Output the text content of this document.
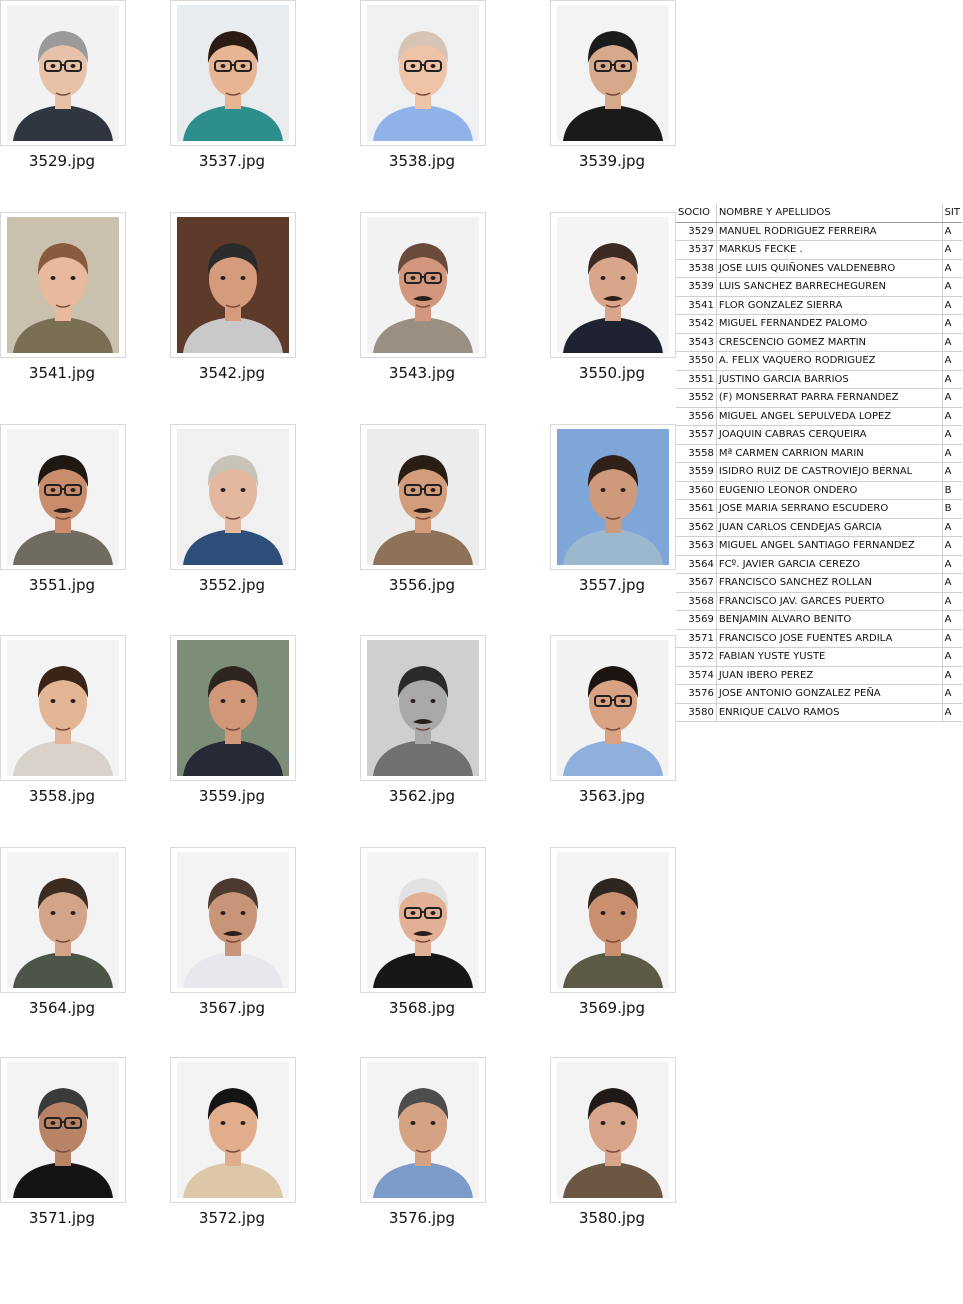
3529.jpg	3537.jpg	3538.jpg	3539.jpg
3541.jpg	3542.jpg	3543.jpg	3550.jpg
3551.jpg	3552.jpg	3556.jpg	3557.jpg
3558.jpg	3559.jpg	3562.jpg	3563.jpg
3564.jpg	3567.jpg	3568.jpg	3569.jpg
3571.jpg	3572.jpg	3576.jpg	3580.jpg
SOCIO	NOMBRE Y APELLIDOS	SIT
3529	MANUEL RODRIGUEZ FERREIRA	A
3537	MARKUS FECKE .	A
3538	JOSE LUIS QUIÑONES VALDENEBRO	A
3539	LUIS SANCHEZ BARRECHEGUREN	A
3541	FLOR GONZALEZ SIERRA	A
3542	MIGUEL FERNANDEZ PALOMO	A
3543	CRESCENCIO GOMEZ MARTIN	A
3550	A. FELIX VAQUERO RODRIGUEZ	A
3551	JUSTINO GARCIA BARRIOS	A
3552	(F) MONSERRAT PARRA FERNANDEZ	A
3556	MIGUEL ANGEL SEPULVEDA LOPEZ	A
3557	JOAQUIN CABRAS CERQUEIRA	A
3558	Mª CARMEN CARRION MARIN	A
3559	ISIDRO RUIZ DE CASTROVIEJO BERNAL	A
3560	EUGENIO LEONOR ONDERO	B
3561	JOSE MARIA SERRANO ESCUDERO	B
3562	JUAN CARLOS CENDEJAS GARCIA	A
3563	MIGUEL ANGEL SANTIAGO FERNANDEZ	A
3564	FCº. JAVIER GARCIA CEREZO	A
3567	FRANCISCO SANCHEZ ROLLAN	A
3568	FRANCISCO JAV. GARCES PUERTO	A
3569	BENJAMIN ALVARO BENITO	A
3571	FRANCISCO JOSE FUENTES ARDILA	A
3572	FABIAN YUSTE YUSTE	A
3574	JUAN IBERO PEREZ	A
3576	JOSE ANTONIO GONZALEZ PEÑA	A
3580	ENRIQUE CALVO RAMOS	A
